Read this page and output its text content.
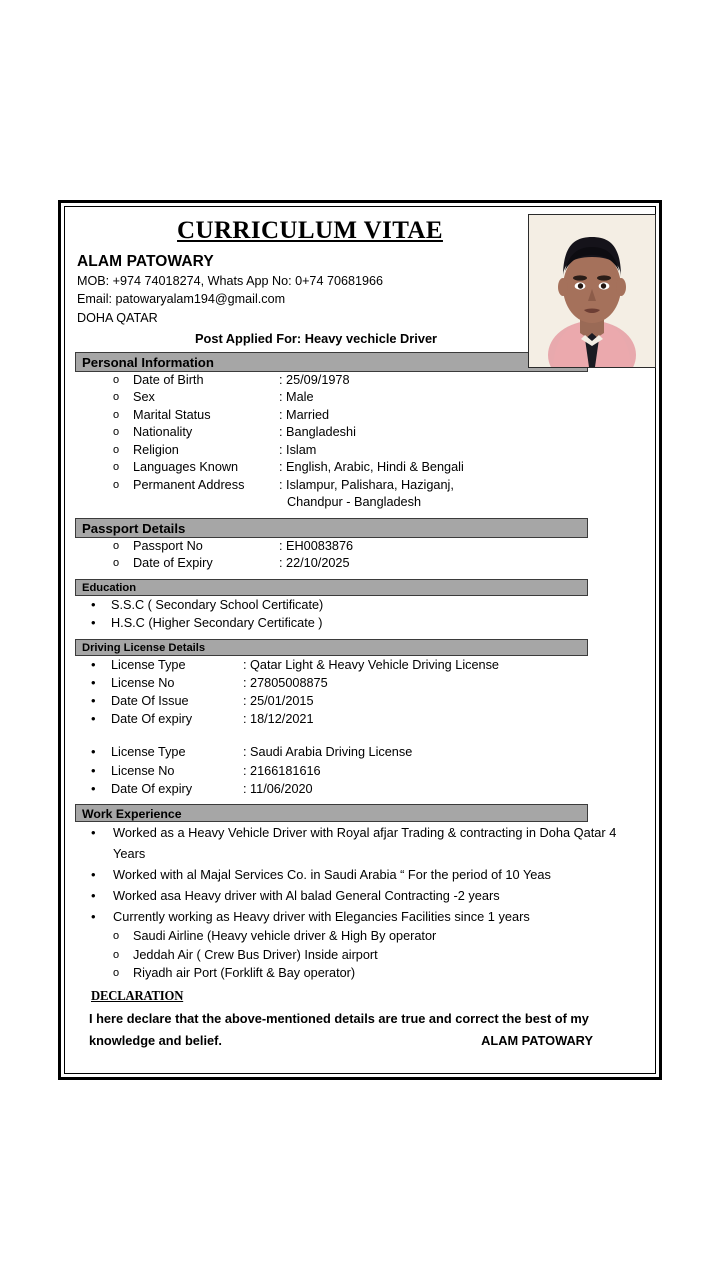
CURRICULUM VITAE
ALAM PATOWARY
MOB: +974 74018274, Whats App No: 0+74 70681966
Email: patowaryalam194@gmail.com
DOHA QATAR
Post Applied For: Heavy vechicle Driver
Personal Information
o	Date of Birth	: 25/09/1978
o	Sex	: Male
o	Marital Status	: Married
o	Nationality	: Bangladeshi
o	Religion	: Islam
o	Languages Known	: English, Arabic, Hindi & Bengali
o	Permanent Address	: Islampur, Palishara, Haziganj,
Chandpur - Bangladesh
Passport Details
o	Passport No	: EH0083876
o	Date of Expiry	: 22/10/2025
Education
•	S.S.C ( Secondary School Certificate)
•	H.S.C (Higher Secondary Certificate )
Driving License Details
•	License Type	: Qatar Light & Heavy Vehicle Driving License
•	License No	: 27805008875
•	Date Of Issue	: 25/01/2015
•	Date Of expiry	: 18/12/2021
•	License Type	: Saudi Arabia Driving License
•	License No	: 2166181616
•	Date Of expiry	: 11/06/2020
Work Experience
•	Worked as a Heavy Vehicle Driver with Royal afjar Trading & contracting in Doha Qatar 4 Years
•	Worked with al Majal Services Co. in Saudi Arabia “ For the period of 10 Yeas
•	Worked asa Heavy driver with Al balad General Contracting -2 years
•	Currently working as Heavy driver with Elegancies Facilities since 1 years
o	Saudi Airline (Heavy vehicle driver & High By operator
o	Jeddah Air ( Crew Bus Driver) Inside airport
o	Riyadh air Port (Forklift & Bay operator)
DECLARATION
I here declare that the above-mentioned details are true and correct the best of my
knowledge and belief.	ALAM PATOWARY
